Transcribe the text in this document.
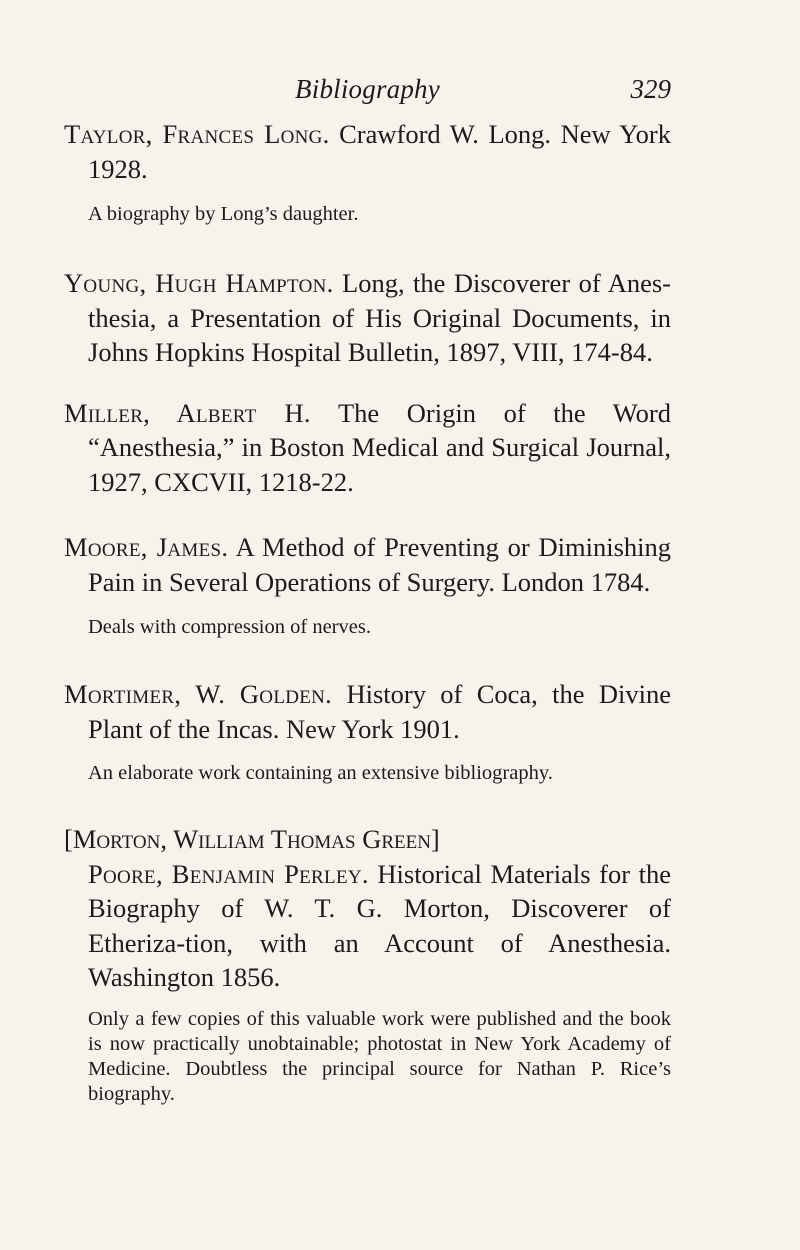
Bibliography	329
Taylor, Frances Long. Crawford W. Long. New York 1928.
A biography by Long’s daughter.
Young, Hugh Hampton. Long, the Discoverer of Anes-thesia, a Presentation of His Original Documents, in Johns Hopkins Hospital Bulletin, 1897, VIII, 174-84.
Miller, Albert H. The Origin of the Word “Anesthesia,” in Boston Medical and Surgical Journal, 1927, CXCVII, 1218-22.
Moore, James. A Method of Preventing or Diminishing Pain in Several Operations of Surgery. London 1784.
Deals with compression of nerves.
Mortimer, W. Golden. History of Coca, the Divine Plant of the Incas. New York 1901.
An elaborate work containing an extensive bibliography.
[Morton, William Thomas Green]
Poore, Benjamin Perley. Historical Materials for the Biography of W. T. G. Morton, Discoverer of Etheriza-tion, with an Account of Anesthesia. Washington 1856.
Only a few copies of this valuable work were published and the book is now practically unobtainable; photostat in New York Academy of Medicine. Doubtless the principal source for Nathan P. Rice’s biography.
